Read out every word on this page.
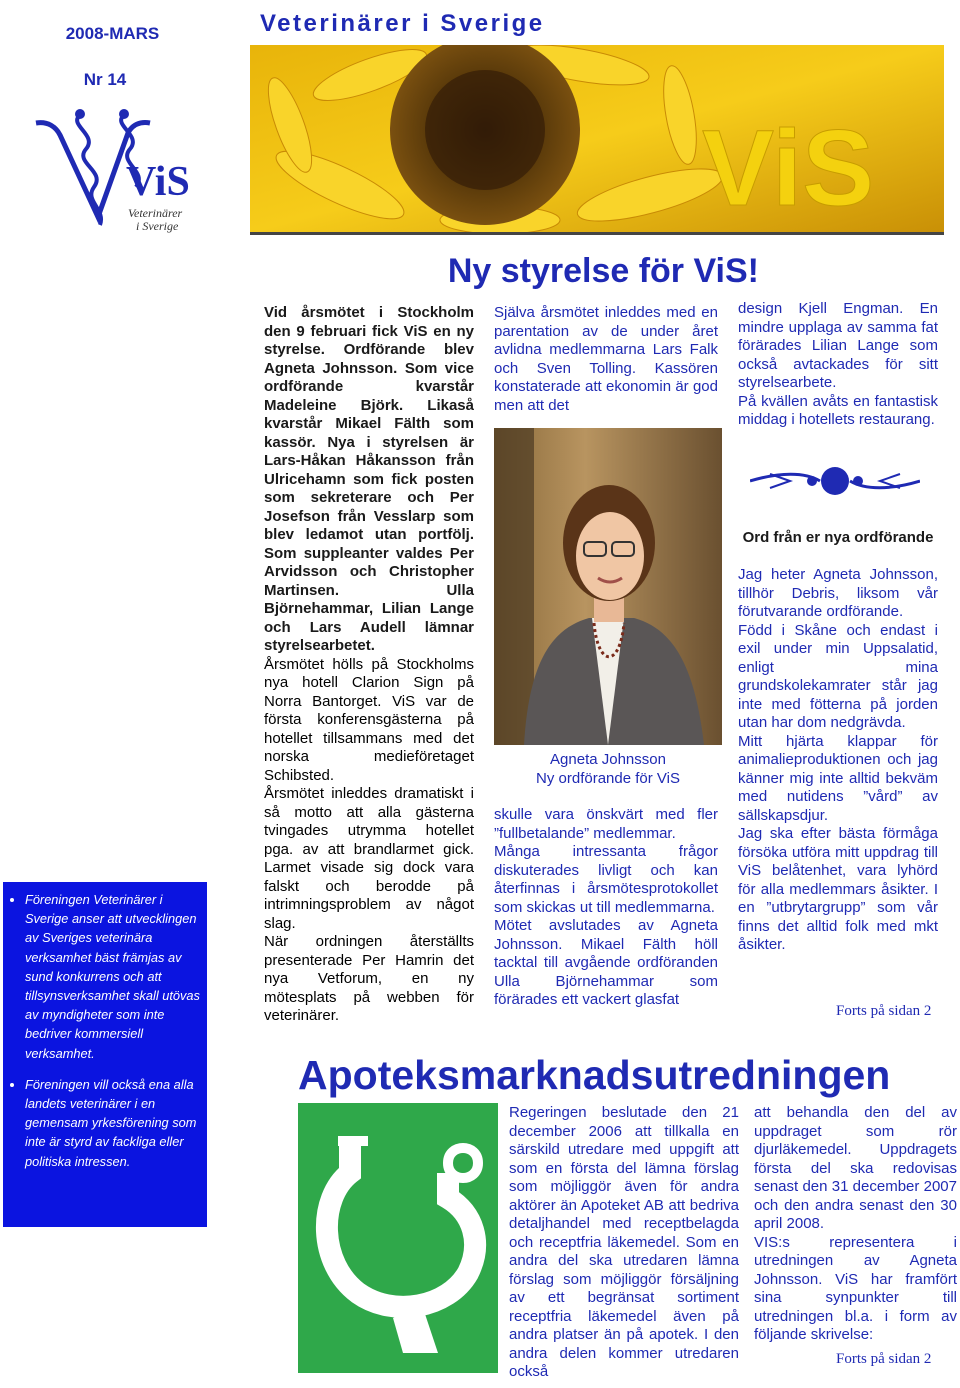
2008-MARS
Nr 14
ViS
Veterinärer
i Sverige
• Föreningen Veterinärer i Sverige anser att utvecklingen av Sveriges veterinära verksamhet bäst främjas av sund konkurrens och att tillsynsverksamhet skall utövas av myndigheter som inte bedriver kommersiell verksamhet.
• Föreningen vill också ena alla landets veterinärer i en gemensam yrkesförening som inte är styrd av fackliga eller politiska intressen.
Veterinärer i Sverige
ViS
Ny styrelse för ViS!

Vid årsmötet i Stockholm den 9 februari fick ViS en ny styrelse. Ordförande blev Agneta Johnsson. Som vice ordförande kvarstår Madeleine Björk. Likaså kvarstår Mikael Fälth som kassör. Nya i styrelsen är Lars-Håkan Håkansson från Ulricehamn som fick posten som sekreterare och Per Josefson från Vesslarp som blev ledamot utan portfölj. Som suppleanter valdes Per Arvidsson och Christopher Martinsen. Ulla Björnehammar, Lilian Lange och Lars Audell lämnar styrelsearbetet.

Årsmötet hölls på Stockholms nya hotell Clarion Sign på Norra Bantorget. ViS var de första konferensgästerna på hotellet tillsammans med det norska medieföretaget Schibsted.

Årsmötet inleddes dramatiskt i så motto att alla gästerna tvingades utrymma hotellet pga. av att brandlarmet gick. Larmet visade sig dock vara falskt och berodde på intrimningsproblem av något slag.

När ordningen återställts presenterade Per Hamrin det nya Vetforum, en ny mötesplats på webben för veterinärer.

Själva årsmötet inleddes med en parentation av de under året avlidna medlemmarna Lars Falk och Sven Tolling. Kassören konstaterade att ekonomin är god men att det

Agneta Johnsson
Ny ordförande för ViS

skulle vara önskvärt med fler ”fullbetalande” medlemmar.

Många intressanta frågor diskuterades livligt och kan återfinnas i årsmötesprotokollet som skickas ut till medlemmarna.

Mötet avslutades av Agneta Johnsson. Mikael Fälth höll tacktal till avgående ordföranden Ulla Björnehammar som förärades ett vackert glasfat

design Kjell Engman. En mindre upplaga av samma fat förärades Lilian Lange som också avtackades för sitt styrelsearbete.

På kvällen avåts en fantastisk middag i hotellets restaurang.

Ord från er nya ordförande

Jag heter Agneta Johnsson, tillhör Debris, liksom vår förutvarande ordförande.

Född i Skåne och endast i exil under min Uppsalatid, enligt mina grundskolekamrater står jag inte med fötterna på jorden utan har dom nedgrävda.

Mitt hjärta klappar för animalieproduktionen och jag känner mig inte alltid bekväm med nutidens ”vård” av sällskapsdjur.

Jag ska efter bästa förmåga försöka utföra mitt uppdrag till ViS belåtenhet, vara lyhörd för alla medlemmars åsikter. I en ”utbrytargrupp” som vår finns det alltid folk med mkt åsikter.

Forts på sidan 2
Apoteksmarknadsutredningen

Regeringen beslutade den 21 december 2006 att tillkalla en särskild utredare med uppgift att som en första del lämna förslag som möjliggör även för andra aktörer än Apoteket AB att bedriva detaljhandel med receptbelagda och receptfria läkemedel. Som en andra del ska utredaren lämna förslag som möjliggör försäljning av ett begränsat sortiment receptfria läkemedel även på andra platser än på apotek. I den andra delen kommer utredaren också

att behandla den del av uppdraget som rör djurläkemedel. Uppdragets första del ska redovisas senast den 31 december 2007 och den andra senast den 30 april 2008.

VIS:s representera i utredningen av Agneta Johnsson. ViS har framfört sina synpunkter till utredningen bl.a. i form av följande skrivelse:

Forts på sidan 2
